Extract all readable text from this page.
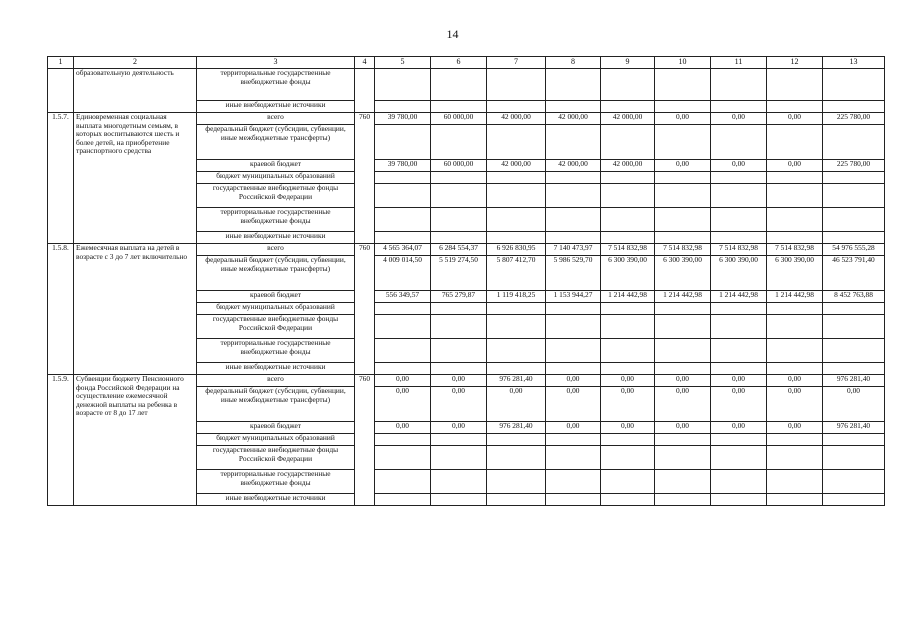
14
1	2	3	4	5	6	7	8	9	10	11	12	13
	образовательную деятельность	территориальные государственные внебюджетные фонды										
		иные внебюджетные источники										
1.5.7.	Единовременная социальная выплата многодетным семьям, в которых воспитываются шесть и более детей, на приобретение транспортного средства	всего	760	39 780,00	60 000,00	42 000,00	42 000,00	42 000,00	0,00	0,00	0,00	225 780,00
		федеральный бюджет (субсидии, субвенции, иные межбюджетные трансферты)										
		краевой бюджет		39 780,00	60 000,00	42 000,00	42 000,00	42 000,00	0,00	0,00	0,00	225 780,00
		бюджет муниципальных образований										
		государственные внебюджетные фонды Российской Федерации										
		территориальные государственные внебюджетные фонды										
		иные внебюджетные источники										
1.5.8.	Ежемесячная выплата на детей в возрасте с 3 до 7 лет включительно	всего	760	4 565 364,07	6 284 554,37	6 926 830,95	7 140 473,97	7 514 832,98	7 514 832,98	7 514 832,98	7 514 832,98	54 976 555,28
		федеральный бюджет (субсидии, субвенции, иные межбюджетные трансферты)		4 009 014,50	5 519 274,50	5 807 412,70	5 986 529,70	6 300 390,00	6 300 390,00	6 300 390,00	6 300 390,00	46 523 791,40
		краевой бюджет		556 349,57	765 279,87	1 119 418,25	1 153 944,27	1 214 442,98	1 214 442,98	1 214 442,98	1 214 442,98	8 452 763,88
		бюджет муниципальных образований										
		государственные внебюджетные фонды Российской Федерации										
		территориальные государственные внебюджетные фонды										
		иные внебюджетные источники										
1.5.9.	Субвенции бюджету Пенсионного фонда Российской Федерации на осуществление ежемесячной денежной выплаты на ребенка в возрасте от 8 до 17 лет	всего	760	0,00	0,00	976 281,40	0,00	0,00	0,00	0,00	0,00	976 281,40
		федеральный бюджет (субсидии, субвенции, иные межбюджетные трансферты)		0,00	0,00	0,00	0,00	0,00	0,00	0,00	0,00	0,00
		краевой бюджет		0,00	0,00	976 281,40	0,00	0,00	0,00	0,00	0,00	976 281,40
		бюджет муниципальных образований										
		государственные внебюджетные фонды Российской Федерации										
		территориальные государственные внебюджетные фонды										
		иные внебюджетные источники										
